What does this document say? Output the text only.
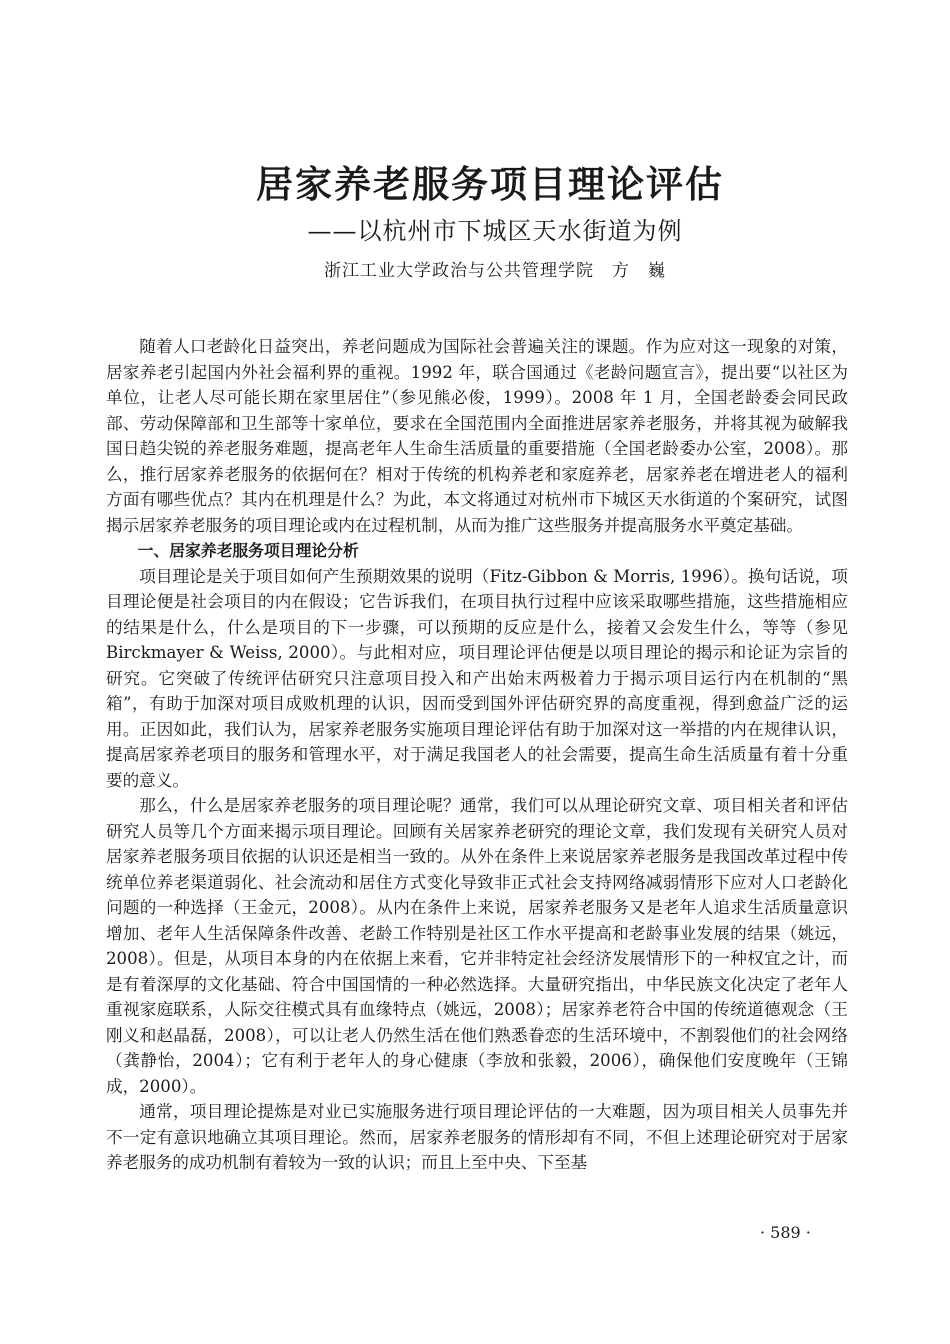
居家养老服务项目理论评估
——以杭州市下城区天水街道为例
浙江工业大学政治与公共管理学院　方　巍

随着人口老龄化日益突出，养老问题成为国际社会普遍关注的课题。作为应对这一现象的对策，居家养老引起国内外社会福利界的重视。1992 年，联合国通过《老龄问题宣言》，提出要“以社区为单位，让老人尽可能长期在家里居住”（参见熊必俊，1999）。2008 年 1 月，全国老龄委会同民政部、劳动保障部和卫生部等十家单位，要求在全国范围内全面推进居家养老服务，并将其视为破解我国日趋尖锐的养老服务难题，提高老年人生命生活质量的重要措施（全国老龄委办公室，2008）。那么，推行居家养老服务的依据何在？相对于传统的机构养老和家庭养老，居家养老在增进老人的福利方面有哪些优点？其内在机理是什么？为此，本文将通过对杭州市下城区天水街道的个案研究，试图揭示居家养老服务的项目理论或内在过程机制，从而为推广这些服务并提高服务水平奠定基础。

一、居家养老服务项目理论分析

项目理论是关于项目如何产生预期效果的说明（Fitz-Gibbon & Morris, 1996）。换句话说，项目理论便是社会项目的内在假设；它告诉我们，在项目执行过程中应该采取哪些措施，这些措施相应的结果是什么，什么是项目的下一步骤，可以预期的反应是什么，接着又会发生什么，等等（参见 Birckmayer & Weiss, 2000）。与此相对应，项目理论评估便是以项目理论的揭示和论证为宗旨的研究。它突破了传统评估研究只注意项目投入和产出始末两极着力于揭示项目运行内在机制的“黑箱”，有助于加深对项目成败机理的认识，因而受到国外评估研究界的高度重视，得到愈益广泛的运用。正因如此，我们认为，居家养老服务实施项目理论评估有助于加深对这一举措的内在规律认识，提高居家养老项目的服务和管理水平，对于满足我国老人的社会需要，提高生命生活质量有着十分重要的意义。

那么，什么是居家养老服务的项目理论呢？通常，我们可以从理论研究文章、项目相关者和评估研究人员等几个方面来揭示项目理论。回顾有关居家养老研究的理论文章，我们发现有关研究人员对居家养老服务项目依据的认识还是相当一致的。从外在条件上来说居家养老服务是我国改革过程中传统单位养老渠道弱化、社会流动和居住方式变化导致非正式社会支持网络减弱情形下应对人口老龄化问题的一种选择（王金元，2008）。从内在条件上来说，居家养老服务又是老年人追求生活质量意识增加、老年人生活保障条件改善、老龄工作特别是社区工作水平提高和老龄事业发展的结果（姚远，2008）。但是，从项目本身的内在依据上来看，它并非特定社会经济发展情形下的一种权宜之计，而是有着深厚的文化基础、符合中国国情的一种必然选择。大量研究指出，中华民族文化决定了老年人重视家庭联系，人际交往模式具有血缘特点（姚远，2008）；居家养老符合中国的传统道德观念（王刚义和赵晶磊，2008），可以让老人仍然生活在他们熟悉眷恋的生活环境中，不割裂他们的社会网络（龚静怡，2004）；它有利于老年人的身心健康（李放和张毅，2006），确保他们安度晚年（王锦成，2000）。

通常，项目理论提炼是对业已实施服务进行项目理论评估的一大难题，因为项目相关人员事先并不一定有意识地确立其项目理论。然而，居家养老服务的情形却有不同，不但上述理论研究对于居家养老服务的成功机制有着较为一致的认识；而且上至中央、下至基

· 589 ·
